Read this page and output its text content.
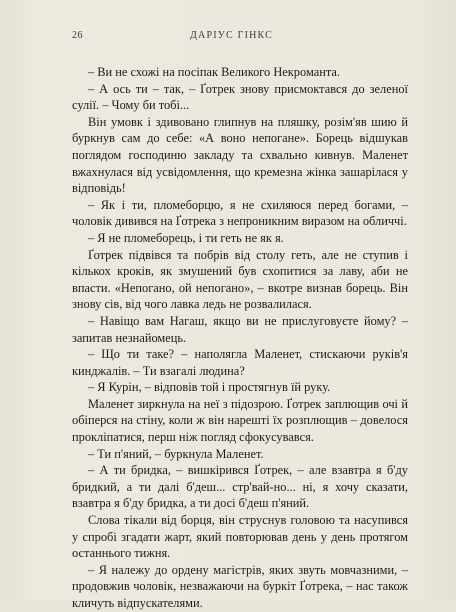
26	ДАРІУС ГІНКС

– Ви не схожі на посіпак Великого Некроманта.

– А ось ти – так, – Ґотрек знову присмоктався до зеленої сулії. – Чому би тобі...

Він умовк і здивовано глипнув на пляшку, розім'яв шию й буркнув сам до себе: «А воно непогане». Борець відшукав поглядом господиню закладу та схвально кивнув. Маленет вжахнулася від усвідомлення, що кремезна жінка зашарілася у відповідь!

– Як і ти, пломеборцю, я не схиляюся перед богами, – чоловік дивився на Ґотрека з непроникним виразом на обличчі.

– Я не пломеборець, і ти геть не як я.

Ґотрек підвівся та побрів від столу геть, але не ступив і кількох кроків, як змушений був схопитися за лаву, аби не впасти. «Непогано, ой непогано», – вкотре визнав борець. Він знову сів, від чого лавка ледь не розвалилася.

– Навіщо вам Нагаш, якщо ви не прислуговуєте йому? – запитав незнайомець.

– Що ти таке? – наполягла Маленет, стискаючи руків'я кинджалів. – Ти взагалі людина?

– Я Курін, – відповів той і простягнув їй руку.

Маленет зиркнула на неї з підозрою. Ґотрек заплющив очі й обіперся на стіну, коли ж він нарешті їх розплющив – довелося проклiпатися, перш ніж погляд сфокусувався.

– Ти п'яний, – буркнула Маленет.

– А ти бридка, – вишкірився Ґотрек, – але взавтра я б'ду бридкий, а ти далі б'деш... стр'вай-но... ні, я хочу сказати, взавтра я б'ду бридка, а ти досі б'деш п'яний.

Слова тікали від борця, він струснув головою та насупився у спробі згадати жарт, який повторював день у день протягом останнього тижня.

– Я належу до ордену магістрів, яких звуть мовчазними, – продовжив чоловік, незважаючи на буркіт Ґотрека, – нас також кличуть відпускателями.
